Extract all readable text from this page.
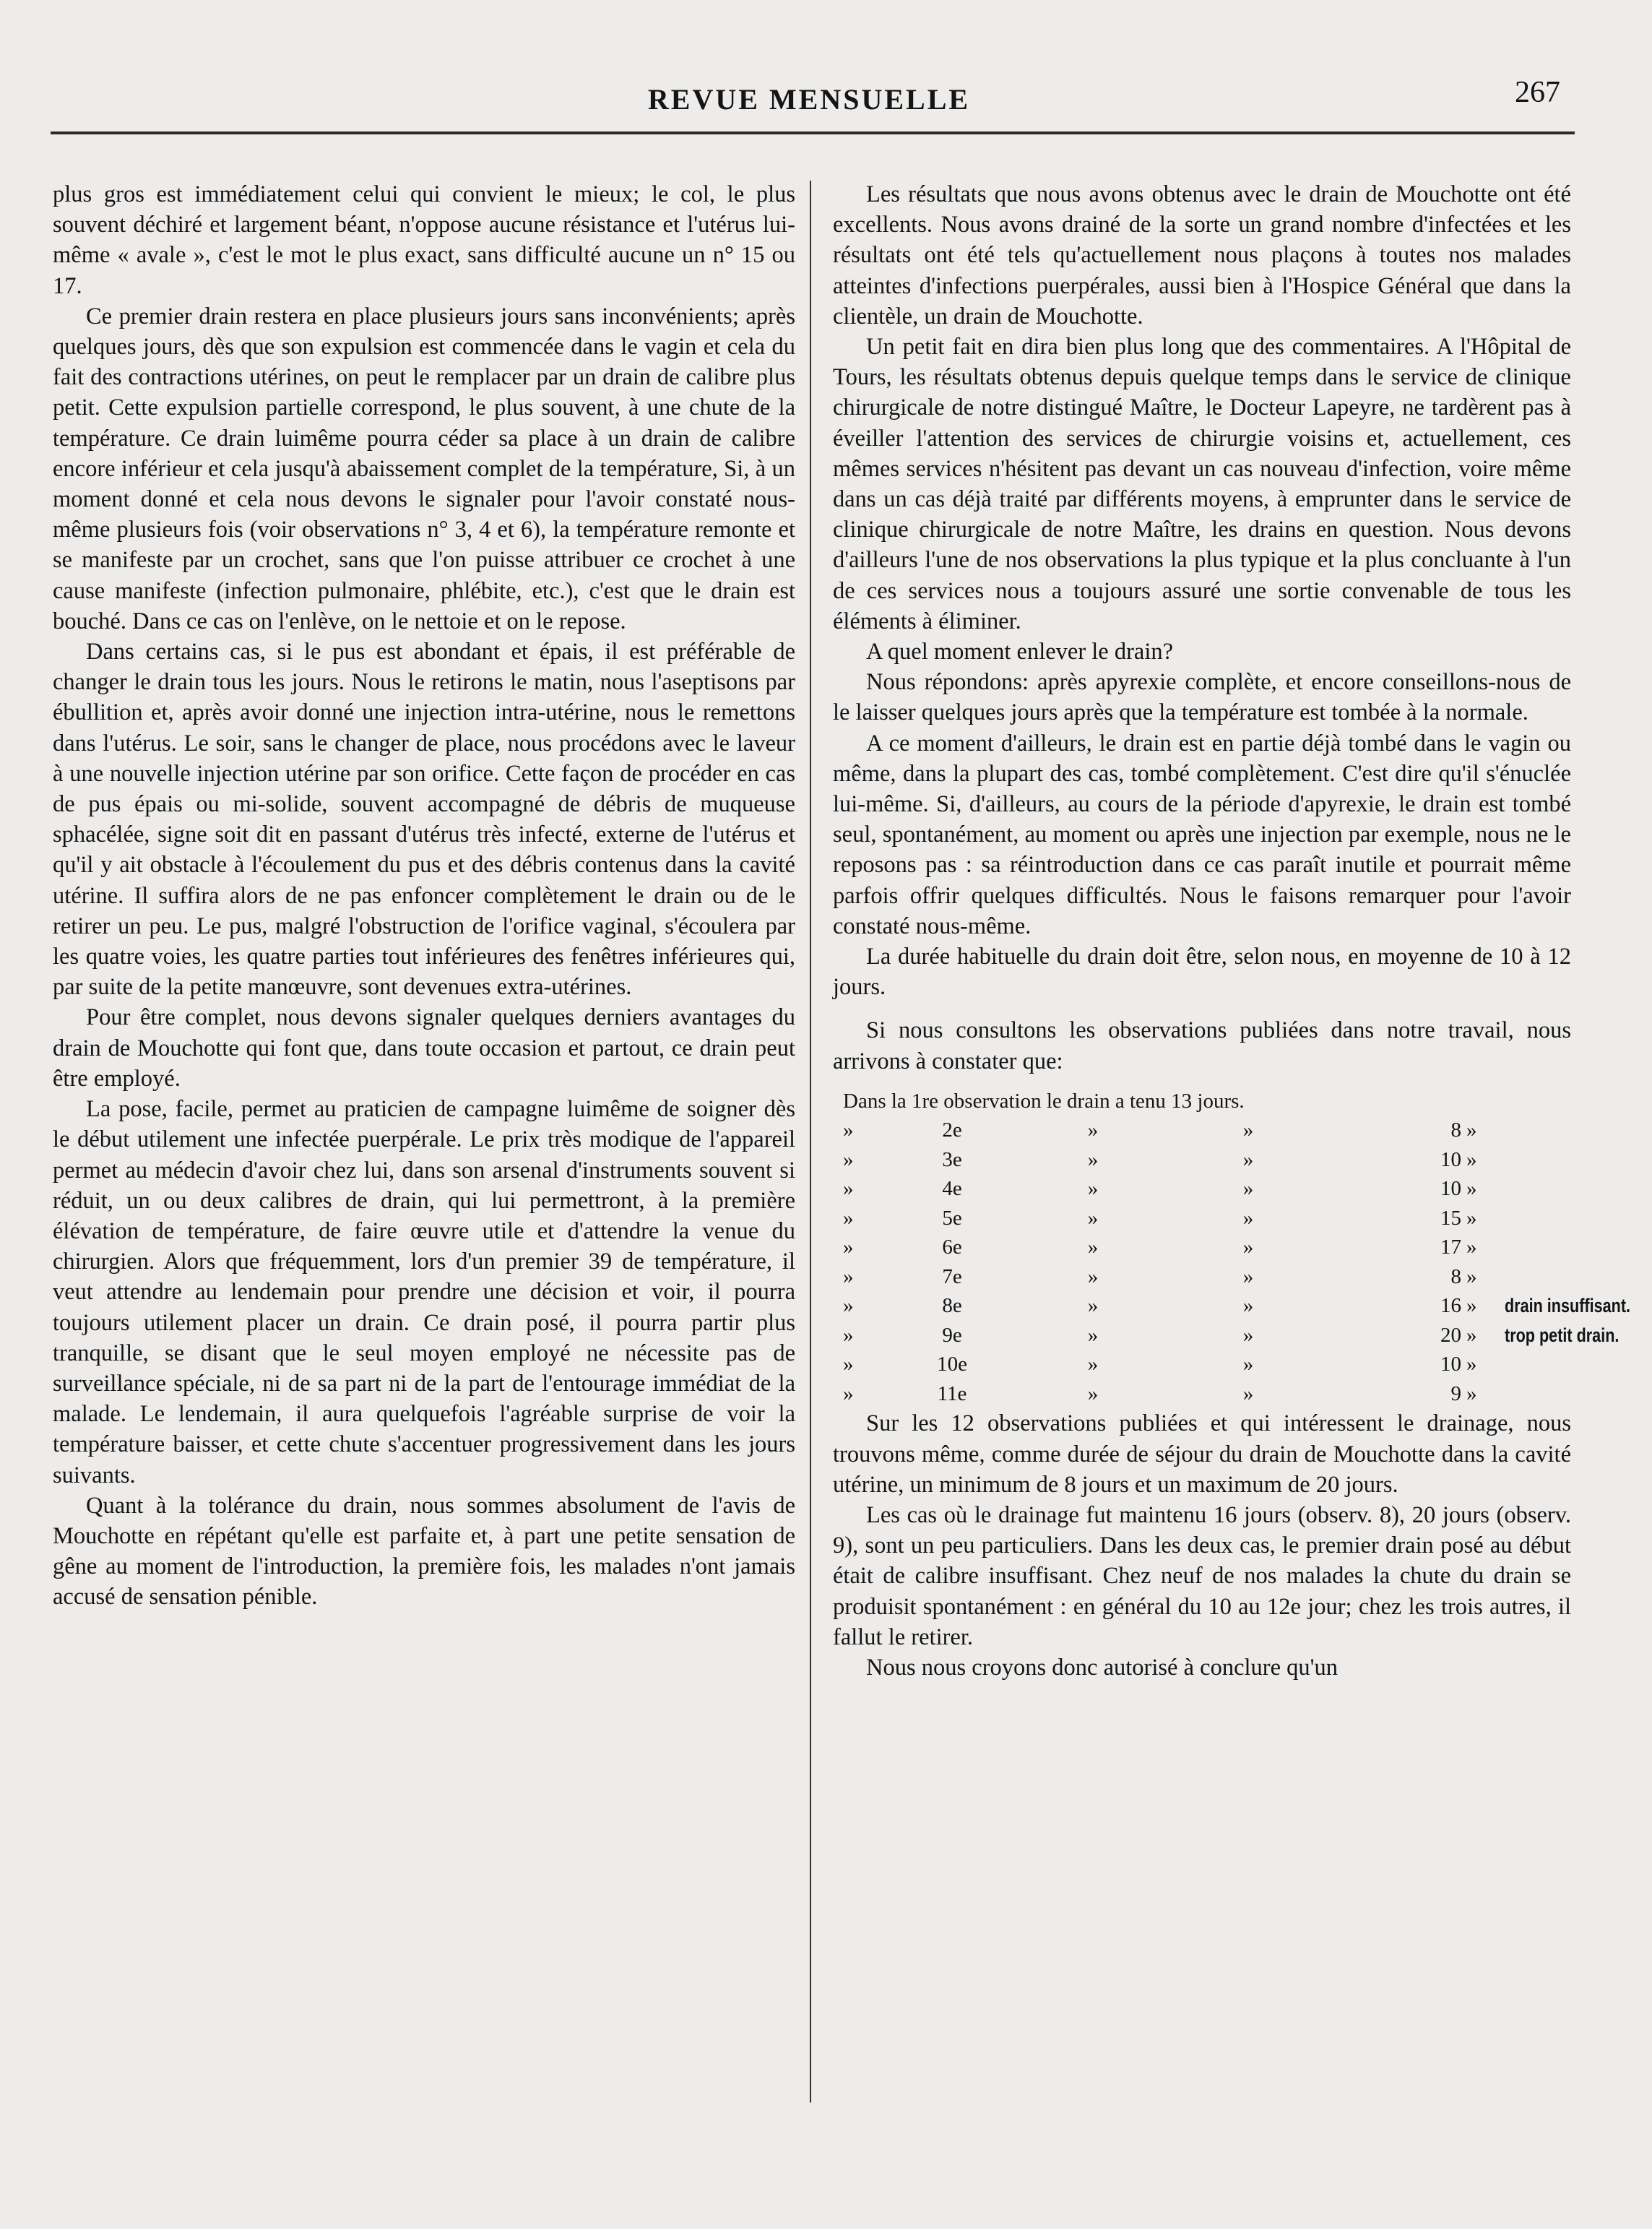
REVUE MENSUELLE	267

plus gros est immédiatement celui qui convient le mieux; le col, le plus souvent déchiré et largement béant, n'oppose aucune résistance et l'utérus lui-même « avale », c'est le mot le plus exact, sans difficulté aucune un n° 15 ou 17.

Ce premier drain restera en place plusieurs jours sans inconvénients; après quelques jours, dès que son expulsion est commencée dans le vagin et cela du fait des contractions utérines, on peut le remplacer par un drain de calibre plus petit. Cette expulsion partielle correspond, le plus souvent, à une chute de la température. Ce drain luimême pourra céder sa place à un drain de calibre encore inférieur et cela jusqu'à abaissement complet de la température, Si, à un moment donné et cela nous devons le signaler pour l'avoir constaté nous-même plusieurs fois (voir observations n° 3, 4 et 6), la température remonte et se manifeste par un crochet, sans que l'on puisse attribuer ce crochet à une cause manifeste (infection pulmonaire, phlébite, etc.), c'est que le drain est bouché. Dans ce cas on l'enlève, on le nettoie et on le repose.

Dans certains cas, si le pus est abondant et épais, il est préférable de changer le drain tous les jours. Nous le retirons le matin, nous l'aseptisons par ébullition et, après avoir donné une injection intra-utérine, nous le remettons dans l'utérus. Le soir, sans le changer de place, nous procédons avec le laveur à une nouvelle injection utérine par son orifice. Cette façon de procéder en cas de pus épais ou mi-solide, souvent accompagné de débris de muqueuse sphacélée, signe soit dit en passant d'utérus très infecté, externe de l'utérus et qu'il y ait obstacle à l'écoulement du pus et des débris contenus dans la cavité utérine. Il suffira alors de ne pas enfoncer complètement le drain ou de le retirer un peu. Le pus, malgré l'obstruction de l'orifice vaginal, s'écoulera par les quatre voies, les quatre parties tout inférieures des fenêtres inférieures qui, par suite de la petite manœuvre, sont devenues extra-utérines.

Pour être complet, nous devons signaler quelques derniers avantages du drain de Mouchotte qui font que, dans toute occasion et partout, ce drain peut être employé.

La pose, facile, permet au praticien de campagne luimême de soigner dès le début utilement une infectée puerpérale. Le prix très modique de l'appareil permet au médecin d'avoir chez lui, dans son arsenal d'instruments souvent si réduit, un ou deux calibres de drain, qui lui permettront, à la première élévation de température, de faire œuvre utile et d'attendre la venue du chirurgien. Alors que fréquemment, lors d'un premier 39 de température, il veut attendre au lendemain pour prendre une décision et voir, il pourra toujours utilement placer un drain. Ce drain posé, il pourra partir plus tranquille, se disant que le seul moyen employé ne nécessite pas de surveillance spéciale, ni de sa part ni de la part de l'entourage immédiat de la malade. Le lendemain, il aura quelquefois l'agréable surprise de voir la température baisser, et cette chute s'accentuer progressivement dans les jours suivants.

Quant à la tolérance du drain, nous sommes absolument de l'avis de Mouchotte en répétant qu'elle est parfaite et, à part une petite sensation de gêne au moment de l'introduction, la première fois, les malades n'ont jamais accusé de sensation pénible.

Les résultats que nous avons obtenus avec le drain de Mouchotte ont été excellents. Nous avons drainé de la sorte un grand nombre d'infectées et les résultats ont été tels qu'actuellement nous plaçons à toutes nos malades atteintes d'infections puerpérales, aussi bien à l'Hospice Général que dans la clientèle, un drain de Mouchotte.

Un petit fait en dira bien plus long que des commentaires. A l'Hôpital de Tours, les résultats obtenus depuis quelque temps dans le service de clinique chirurgicale de notre distingué Maître, le Docteur Lapeyre, ne tardèrent pas à éveiller l'attention des services de chirurgie voisins et, actuellement, ces mêmes services n'hésitent pas devant un cas nouveau d'infection, voire même dans un cas déjà traité par différents moyens, à emprunter dans le service de clinique chirurgicale de notre Maître, les drains en question. Nous devons d'ailleurs l'une de nos observations la plus typique et la plus concluante à l'un de ces services nous a toujours assuré une sortie convenable de tous les éléments à éliminer.

A quel moment enlever le drain?

Nous répondons: après apyrexie complète, et encore conseillons-nous de le laisser quelques jours après que la température est tombée à la normale.

A ce moment d'ailleurs, le drain est en partie déjà tombé dans le vagin ou même, dans la plupart des cas, tombé complètement. C'est dire qu'il s'énuclée lui-même. Si, d'ailleurs, au cours de la période d'apyrexie, le drain est tombé seul, spontanément, au moment ou après une injection par exemple, nous ne le reposons pas : sa réintroduction dans ce cas paraît inutile et pourrait même parfois offrir quelques difficultés. Nous le faisons remarquer pour l'avoir constaté nous-même.

La durée habituelle du drain doit être, selon nous, en moyenne de 10 à 12 jours.

Si nous consultons les observations publiées dans notre travail, nous arrivons à constater que:

Dans la 1re observation le drain a tenu 13 jours.
»	2e	»	»	8 »
»	3e	»	»	10 »
»	4e	»	»	10 »
»	5e	»	»	15 »
»	6e	»	»	17 »
»	7e	»	»	8 »
»	8e	»	»	16 » drain insuffisant.
»	9e	»	»	20 » trop petit drain.
»	10e	»	»	10 »
»	11e	»	»	9 »

Sur les 12 observations publiées et qui intéressent le drainage, nous trouvons même, comme durée de séjour du drain de Mouchotte dans la cavité utérine, un minimum de 8 jours et un maximum de 20 jours.

Les cas où le drainage fut maintenu 16 jours (observ. 8), 20 jours (observ. 9), sont un peu particuliers. Dans les deux cas, le premier drain posé au début était de calibre insuffisant. Chez neuf de nos malades la chute du drain se produisit spontanément : en général du 10 au 12e jour; chez les trois autres, il fallut le retirer.

Nous nous croyons donc autorisé à conclure qu'un
